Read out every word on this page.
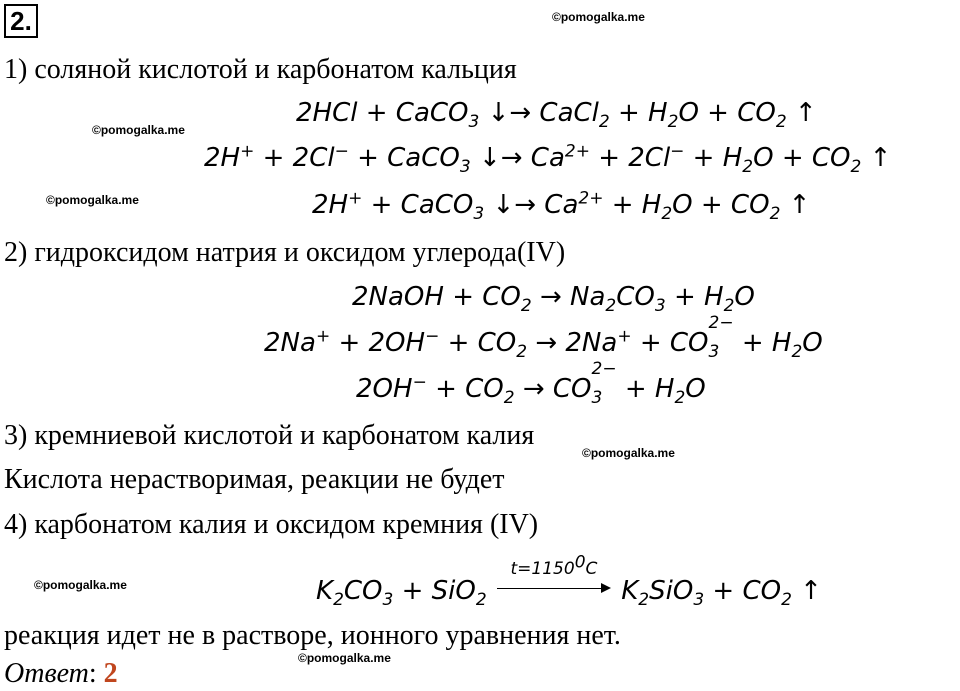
2.	©pomogalka.me
©pomogalka.me
©pomogalka.me
©pomogalka.me
©pomogalka.me
©pomogalka.me
1) соляной кислотой и карбонатом кальция
2HCl + CaCO$_3$ ↓→ CaCl$_2$ + $H_2O + CO_2$ ↑
2H+ + 2Cl− + CaCO$_3$ ↓→ $Ca^{2+} + 2Cl^- + H_2O + CO_2$ ↑
2H+ + CaCO$_3$ ↓→ $Ca^{2+} + H_2O + CO_2$ ↑
2) гидроксидом натрия и оксидом углерода(IV)
2NaOH + $CO_2 \to Na_2CO_3 + H_2O$
$2Na^+ + 2OH^- + CO_2 \to 2Na^+$ + CO
2−
$3 + H_2O$
$2OH^- + CO_2$ → CO
2−
$3 + H_2O$
3) кремниевой кислотой и карбонатом калия
Кислота нерастворимая, реакции не будет
4) карбонатом калия и оксидом кремния (IV)
$K_2CO_3 + SiO_2$
$t=1150^0C$
$K_2SiO_3 + CO_2$ ↑
реакция идет не в растворе, ионного уравнения нет.
Ответ: 2
